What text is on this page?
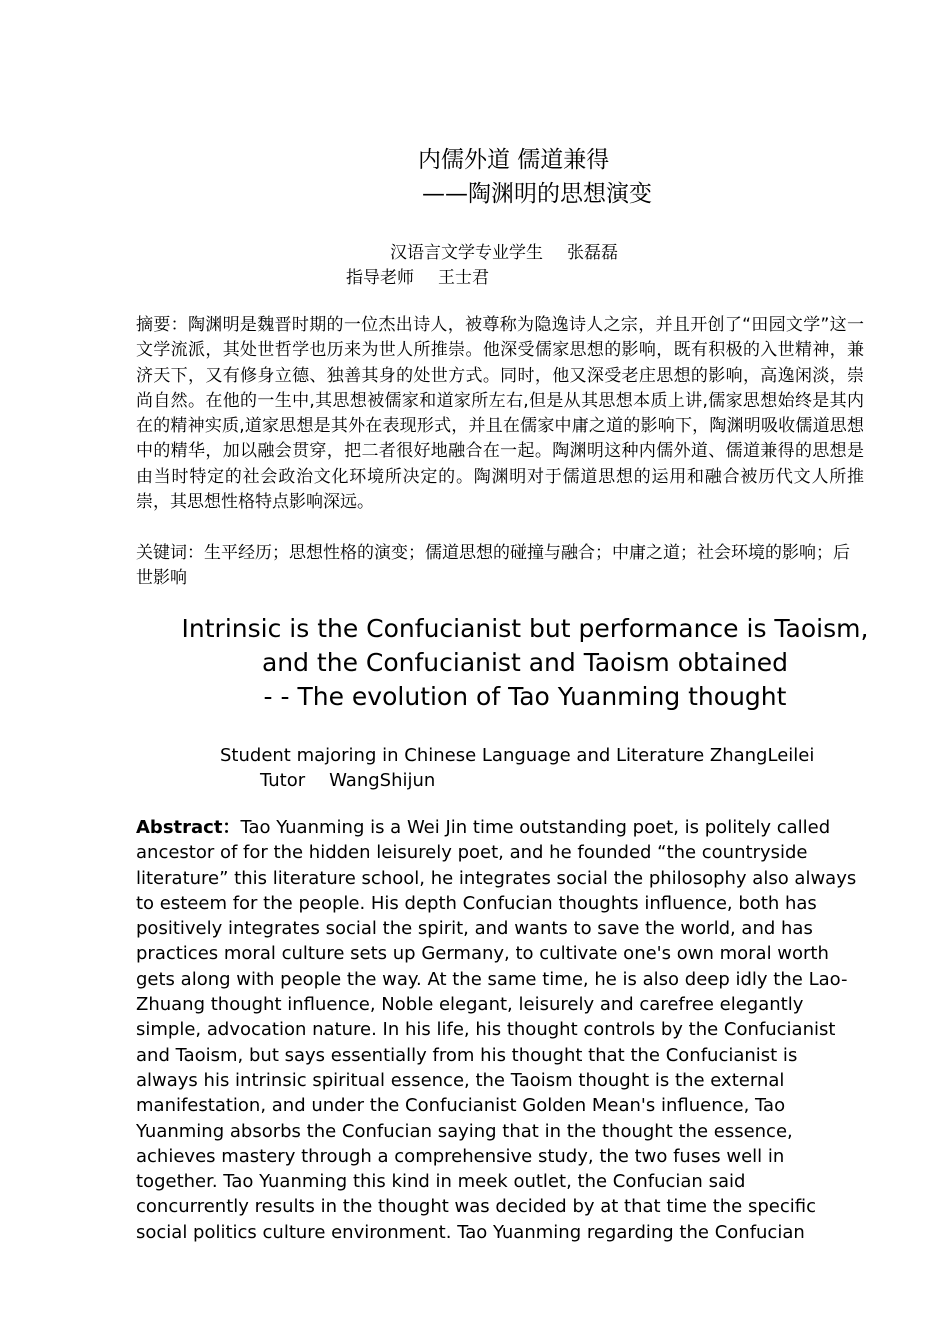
内儒外道 儒道兼得
——陶渊明的思想演变
汉语言文学专业学生 张磊磊
指导老师 王士君
摘要：陶渊明是魏晋时期的一位杰出诗人，被尊称为隐逸诗人之宗，并且开创了“田园文学”这一文学流派，其处世哲学也历来为世人所推崇。他深受儒家思想的影响，既有积极的入世精神，兼济天下，又有修身立德、独善其身的处世方式。同时，他又深受老庄思想的影响，高逸闲淡，崇尚自然。在他的一生中,其思想被儒家和道家所左右,但是从其思想本质上讲,儒家思想始终是其内在的精神实质,道家思想是其外在表现形式，并且在儒家中庸之道的影响下，陶渊明吸收儒道思想中的精华，加以融会贯穿，把二者很好地融合在一起。陶渊明这种内儒外道、儒道兼得的思想是由当时特定的社会政治文化环境所决定的。陶渊明对于儒道思想的运用和融合被历代文人所推崇，其思想性格特点影响深远。
关键词：生平经历；思想性格的演变；儒道思想的碰撞与融合；中庸之道；社会环境的影响；后世影响
Intrinsic is the Confucianist but performance is Taoism,
and the Confucianist and Taoism obtained
- - The evolution of Tao Yuanming thought
Student majoring in Chinese Language and Literature ZhangLeilei
Tutor WangShijun
Abstract：Tao Yuanming is a Wei Jin time outstanding poet, is politely called ancestor of for the hidden leisurely poet, and he founded “the countryside literature” this literature school, he integrates social the philosophy also always to esteem for the people. His depth Confucian thoughts influence, both has positively integrates social the spirit, and wants to save the world, and has practices moral culture sets up Germany, to cultivate one's own moral worth gets along with people the way. At the same time, he is also deep idly the Lao-Zhuang thought influence, Noble elegant, leisurely and carefree elegantly simple, advocation nature. In his life, his thought controls by the Confucianist and Taoism, but says essentially from his thought that the Confucianist is always his intrinsic spiritual essence, the Taoism thought is the external manifestation, and under the Confucianist Golden Mean's influence, Tao Yuanming absorbs the Confucian saying that in the thought the essence, achieves mastery through a comprehensive study, the two fuses well in together. Tao Yuanming this kind in meek outlet, the Confucian said concurrently results in the thought was decided by at that time the specific social politics culture environment. Tao Yuanming regarding the Confucian
